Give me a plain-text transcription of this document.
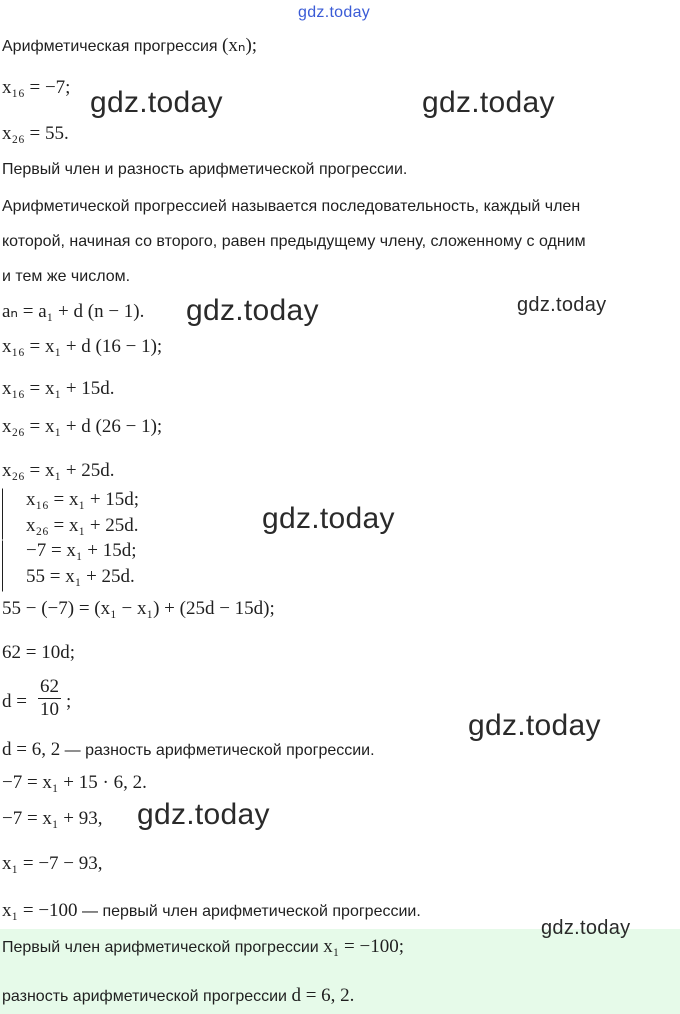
gdz.today
gdz.today	gdz.today
gdz.today	gdz.today
gdz.today
gdz.today
gdz.today
gdz.today
Арифметическая прогрессия (xₙ);
x₁₆ = −7;
x₂₆ = 55.
Первый член и разность арифметической прогрессии.
Арифметической прогрессией называется последовательность, каждый член
которой, начиная со второго, равен предыдущему члену, сложенному с одним
и тем же числом.
aₙ = a₁ + d (n − 1).
x₁₆ = x₁ + d (16 − 1);
x₁₆ = x₁ + 15d.
x₂₆ = x₁ + d (26 − 1);
x₂₆ = x₁ + 25d.
x₁₆ = x₁ + 15d;
x₂₆ = x₁ + 25d.
−7 = x₁ + 15d;
55 = x₁ + 25d.
55 − (−7) = (x₁ − x₁) + (25d − 15d);
62 = 10d;
$d = \frac{62}{10}$ ;
d = 6, 2 — разность арифметической прогрессии.
−7 = x₁ + 15 · 6, 2.
−7 = x₁ + 93,
x₁ = −7 − 93,
x₁ = −100 — первый член арифметической прогрессии.
Первый член арифметической прогрессии x₁ = −100;
разность арифметической прогрессии d = 6, 2.
